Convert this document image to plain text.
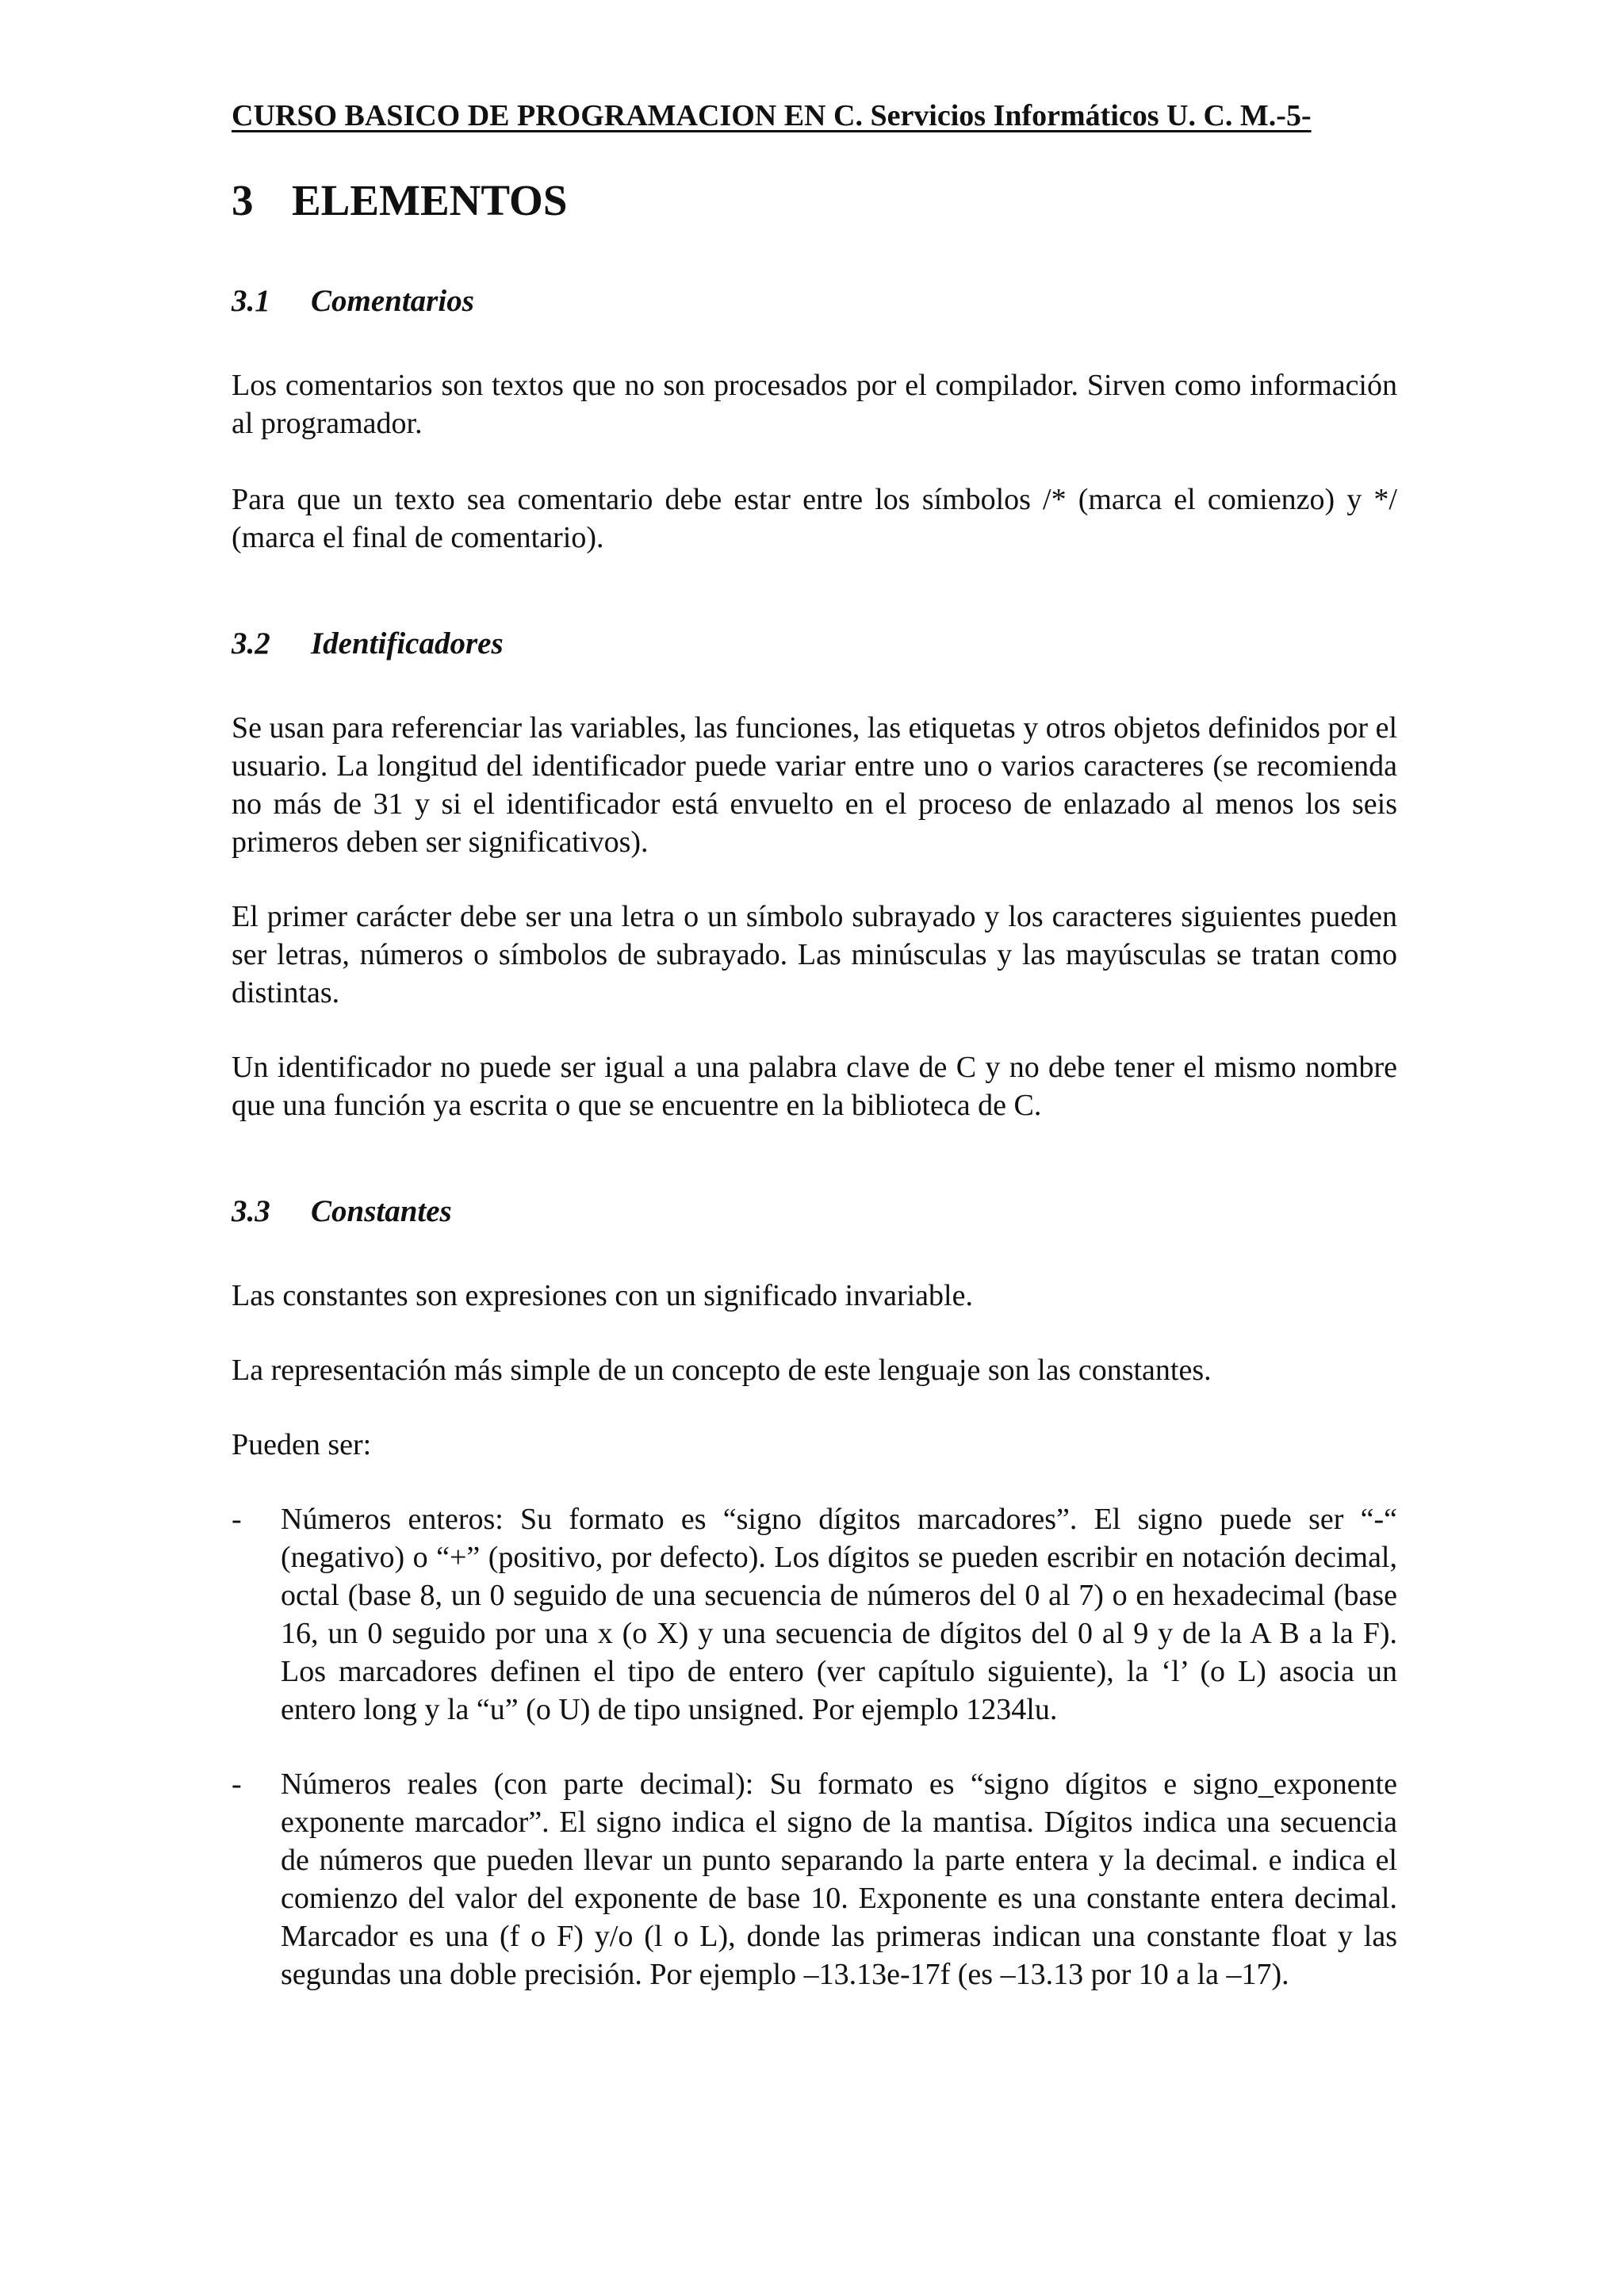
CURSO BASICO DE PROGRAMACION EN C. Servicios Informáticos U. C. M.-5-
3 ELEMENTOS
3.1	Comentarios

Los comentarios son textos que no son procesados por el compilador. Sirven como información al programador.

Para que un texto sea comentario debe estar entre los símbolos /* (marca el comienzo) y */ (marca el final de comentario).

3.2	Identificadores

Se usan para referenciar las variables, las funciones, las etiquetas y otros objetos definidos por el usuario. La longitud del identificador puede variar entre uno o varios caracteres (se recomienda no más de 31 y si el identificador está envuelto en el proceso de enlazado al menos los seis primeros deben ser significativos).

El primer carácter debe ser una letra o un símbolo subrayado y los caracteres siguientes pueden ser letras, números o símbolos de subrayado. Las minúsculas y las mayúsculas se tratan como distintas.

Un identificador no puede ser igual a una palabra clave de C y no debe tener el mismo nombre que una función ya escrita o que se encuentre en la biblioteca de C.

3.3	Constantes

Las constantes son expresiones con un significado invariable.

La representación más simple de un concepto de este lenguaje son las constantes.

Pueden ser:

-	Números enteros: Su formato es “signo dígitos marcadores”. El signo puede ser “-“ (negativo) o “+” (positivo, por defecto). Los dígitos se pueden escribir en notación decimal, octal (base 8, un 0 seguido de una secuencia de números del 0 al 7) o en hexadecimal (base 16, un 0 seguido por una x (o X) y una secuencia de dígitos del 0 al 9 y de la A B a la F). Los marcadores definen el tipo de entero (ver capítulo siguiente), la ‘l’ (o L) asocia un entero long y la “u” (o U) de tipo unsigned. Por ejemplo 1234lu.
-	Números reales (con parte decimal): Su formato es “signo dígitos e signo_exponente exponente marcador”. El signo indica el signo de la mantisa. Dígitos indica una secuencia de números que pueden llevar un punto separando la parte entera y la decimal. e indica el comienzo del valor del exponente de base 10. Exponente es una constante entera decimal. Marcador es una (f o F) y/o (l o L), donde las primeras indican una constante float y las segundas una doble precisión. Por ejemplo –13.13e-17f (es –13.13 por 10 a la –17).
